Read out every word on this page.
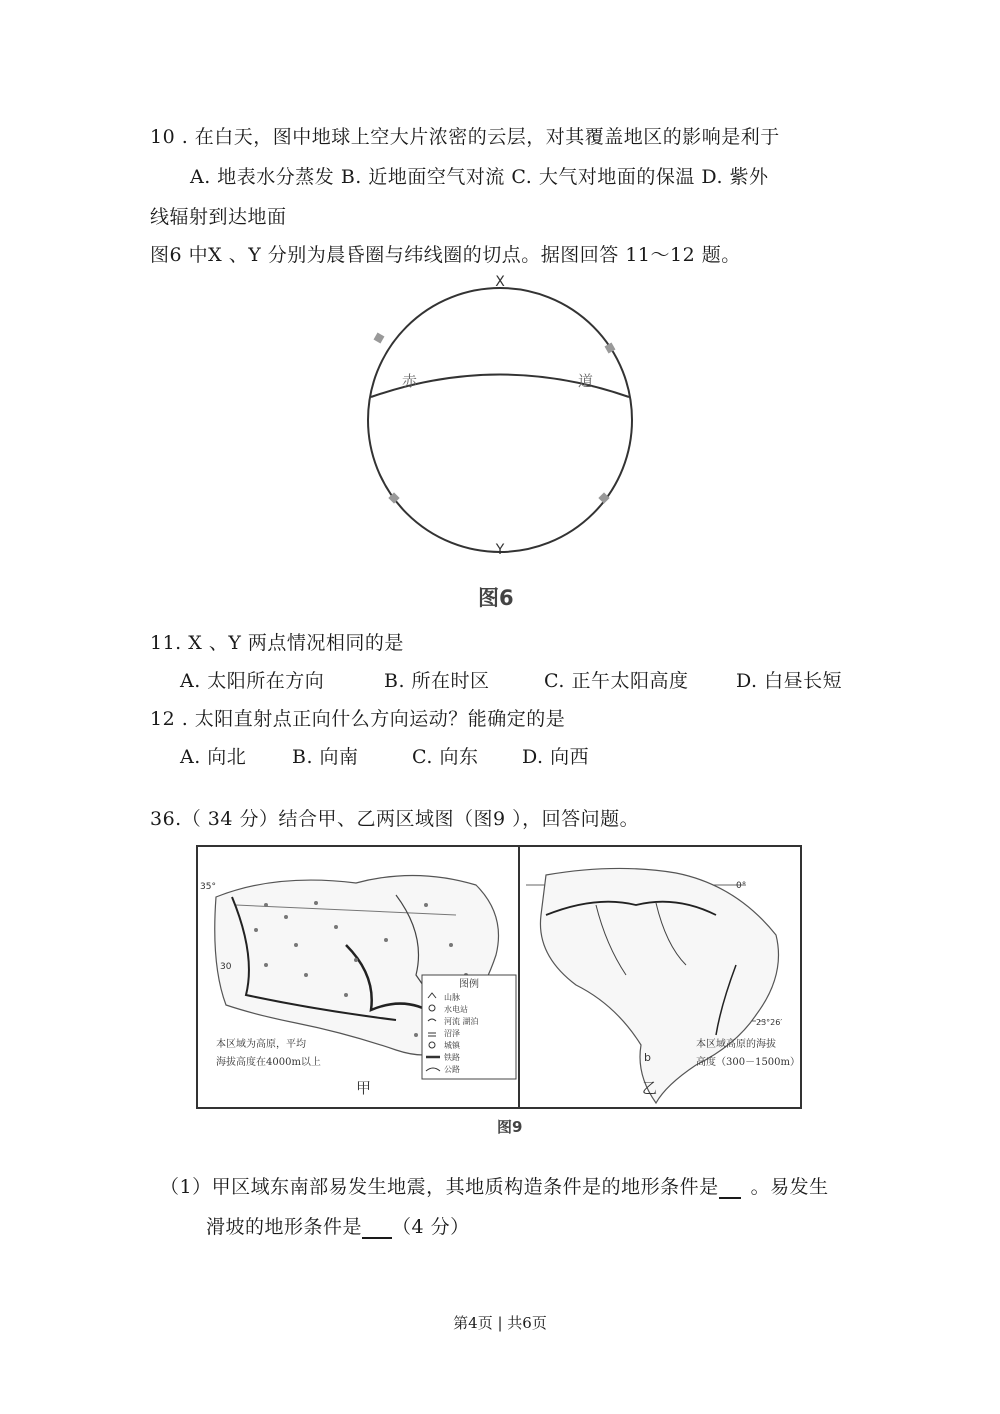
10 . 在白天，图中地球上空大片浓密的云层，对其覆盖地区的影响是利于
A. 地表水分蒸发 B. 近地面空气对流 C. 大气对地面的保温 D. 紫外
线辐射到达地面
图6 中X 、Y 分别为晨昏圈与纬线圈的切点。据图回答 11～12 题。
X
Y
赤	道
图6
11. X 、Y 两点情况相同的是
A. 太阳所在方向	B. 所在时区	C. 正午太阳高度	D. 白昼长短
12 . 太阳直射点正向什么方向运动？能确定的是
A. 向北 B. 向南	C. 向东 D. 向西
36.（ 34 分）结合甲、乙两区域图（图9 ），回答问题。
35°
30
本区域为高原，平均
海拔高度在4000m以上
甲
图例
山脉
水电站
河流 湖泊
沼泽
城镇
铁路
公路
0°
23°26′
b
本区域高原的海拔
高度（300－1500m）
乙
图9
（1）甲区域东南部易发生地震，其地质构造条件是的地形条件是 。易发生
滑坡的地形条件是 （4 分）
第4页 | 共6页
